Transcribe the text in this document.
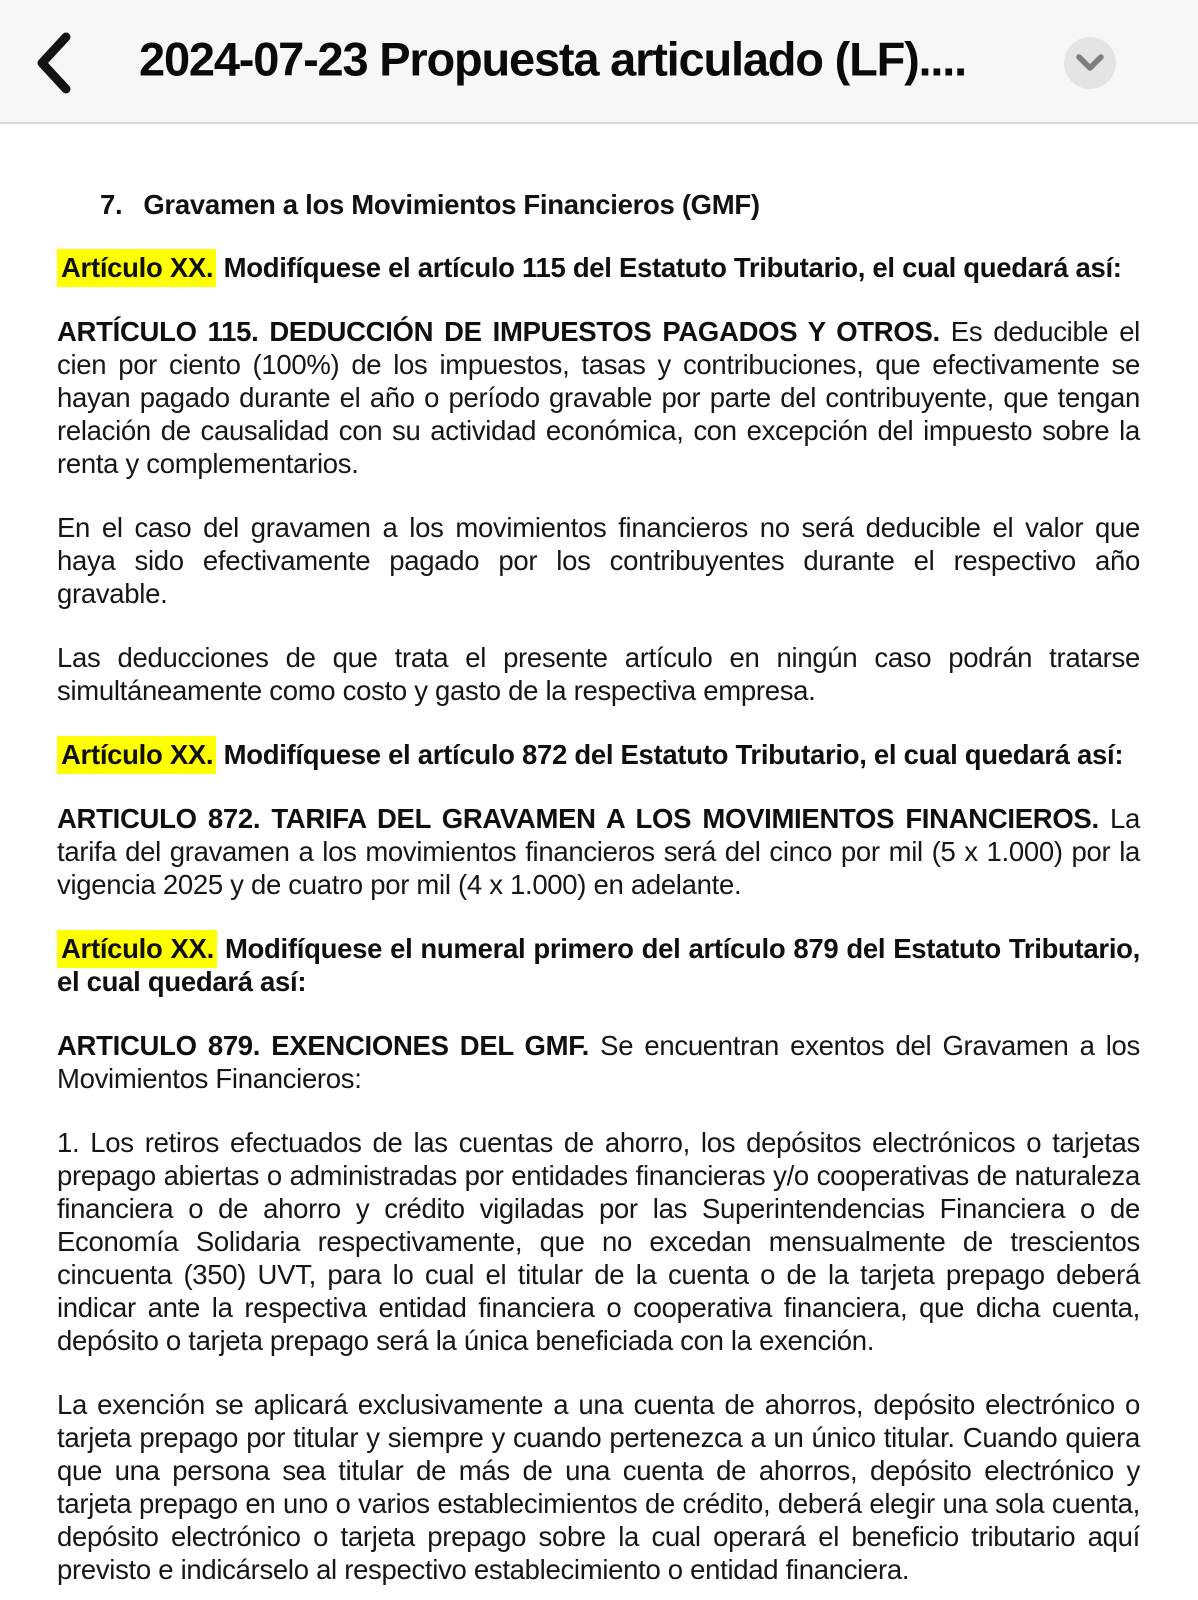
2024-07-23 Propuesta articulado (LF)....
7. Gravamen a los Movimientos Financieros (GMF)

Artículo XX. Modifíquese el artículo 115 del Estatuto Tributario, el cual quedará así:

ARTÍCULO 115. DEDUCCIÓN DE IMPUESTOS PAGADOS Y OTROS. Es deducible el cien por ciento (100%) de los impuestos, tasas y contribuciones, que efectivamente se hayan pagado durante el año o período gravable por parte del contribuyente, que tengan relación de causalidad con su actividad económica, con excepción del impuesto sobre la renta y complementarios.

En el caso del gravamen a los movimientos financieros no será deducible el valor que haya sido efectivamente pagado por los contribuyentes durante el respectivo año gravable.

Las deducciones de que trata el presente artículo en ningún caso podrán tratarse simultáneamente como costo y gasto de la respectiva empresa.

Artículo XX. Modifíquese el artículo 872 del Estatuto Tributario, el cual quedará así:

ARTICULO 872. TARIFA DEL GRAVAMEN A LOS MOVIMIENTOS FINANCIEROS. La tarifa del gravamen a los movimientos financieros será del cinco por mil (5 x 1.000) por la vigencia 2025 y de cuatro por mil (4 x 1.000) en adelante.

Artículo XX. Modifíquese el numeral primero del artículo 879 del Estatuto Tributario, el cual quedará así:

ARTICULO 879. EXENCIONES DEL GMF. Se encuentran exentos del Gravamen a los Movimientos Financieros:

1. Los retiros efectuados de las cuentas de ahorro, los depósitos electrónicos o tarjetas prepago abiertas o administradas por entidades financieras y/o cooperativas de naturaleza financiera o de ahorro y crédito vigiladas por las Superintendencias Financiera o de Economía Solidaria respectivamente, que no excedan mensualmente de trescientos cincuenta (350) UVT, para lo cual el titular de la cuenta o de la tarjeta prepago deberá indicar ante la respectiva entidad financiera o cooperativa financiera, que dicha cuenta, depósito o tarjeta prepago será la única beneficiada con la exención.

La exención se aplicará exclusivamente a una cuenta de ahorros, depósito electrónico o tarjeta prepago por titular y siempre y cuando pertenezca a un único titular. Cuando quiera que una persona sea titular de más de una cuenta de ahorros, depósito electrónico y tarjeta prepago en uno o varios establecimientos de crédito, deberá elegir una sola cuenta, depósito electrónico o tarjeta prepago sobre la cual operará el beneficio tributario aquí previsto e indicárselo al respectivo establecimiento o entidad financiera.
